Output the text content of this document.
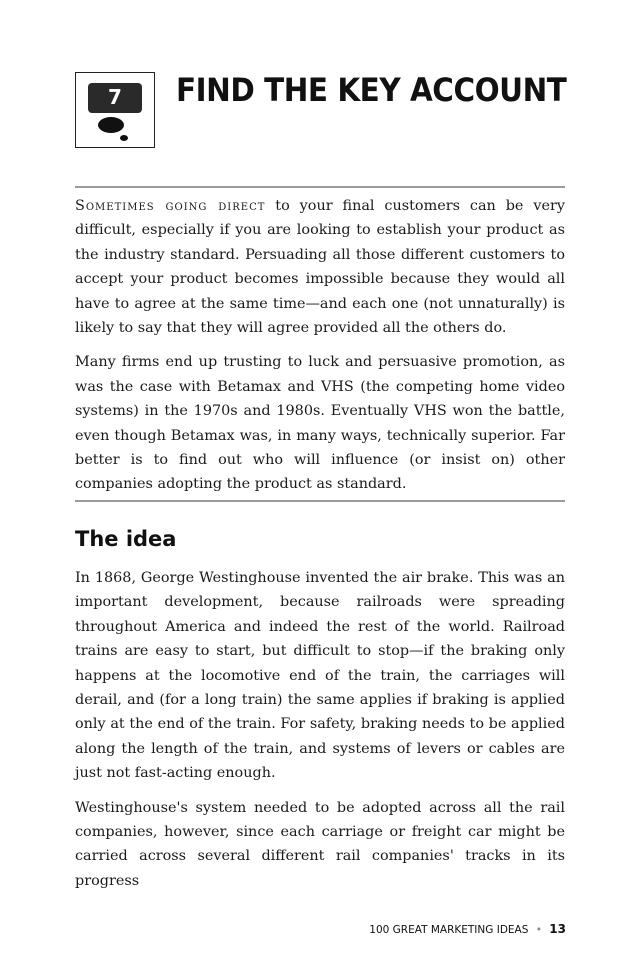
7	FIND THE KEY ACCOUNT

Sometimes going direct to your final customers can be very difficult, especially if you are looking to establish your product as the industry standard. Persuading all those different customers to accept your product becomes impossible because they would all have to agree at the same time—and each one (not unnaturally) is likely to say that they will agree provided all the others do.

Many firms end up trusting to luck and persuasive promotion, as was the case with Betamax and VHS (the competing home video systems) in the 1970s and 1980s. Eventually VHS won the battle, even though Betamax was, in many ways, technically superior. Far better is to find out who will influence (or insist on) other companies adopting the product as standard.

The idea

In 1868, George Westinghouse invented the air brake. This was an important development, because railroads were spreading throughout America and indeed the rest of the world. Railroad trains are easy to start, but difficult to stop—if the braking only happens at the locomotive end of the train, the carriages will derail, and (for a long train) the same applies if braking is applied only at the end of the train. For safety, braking needs to be applied along the length of the train, and systems of levers or cables are just not fast-acting enough.

Westinghouse's system needed to be adopted across all the rail companies, however, since each carriage or freight car might be carried across several different rail companies' tracks in its progress

100 GREAT MARKETING IDEAS • 13
